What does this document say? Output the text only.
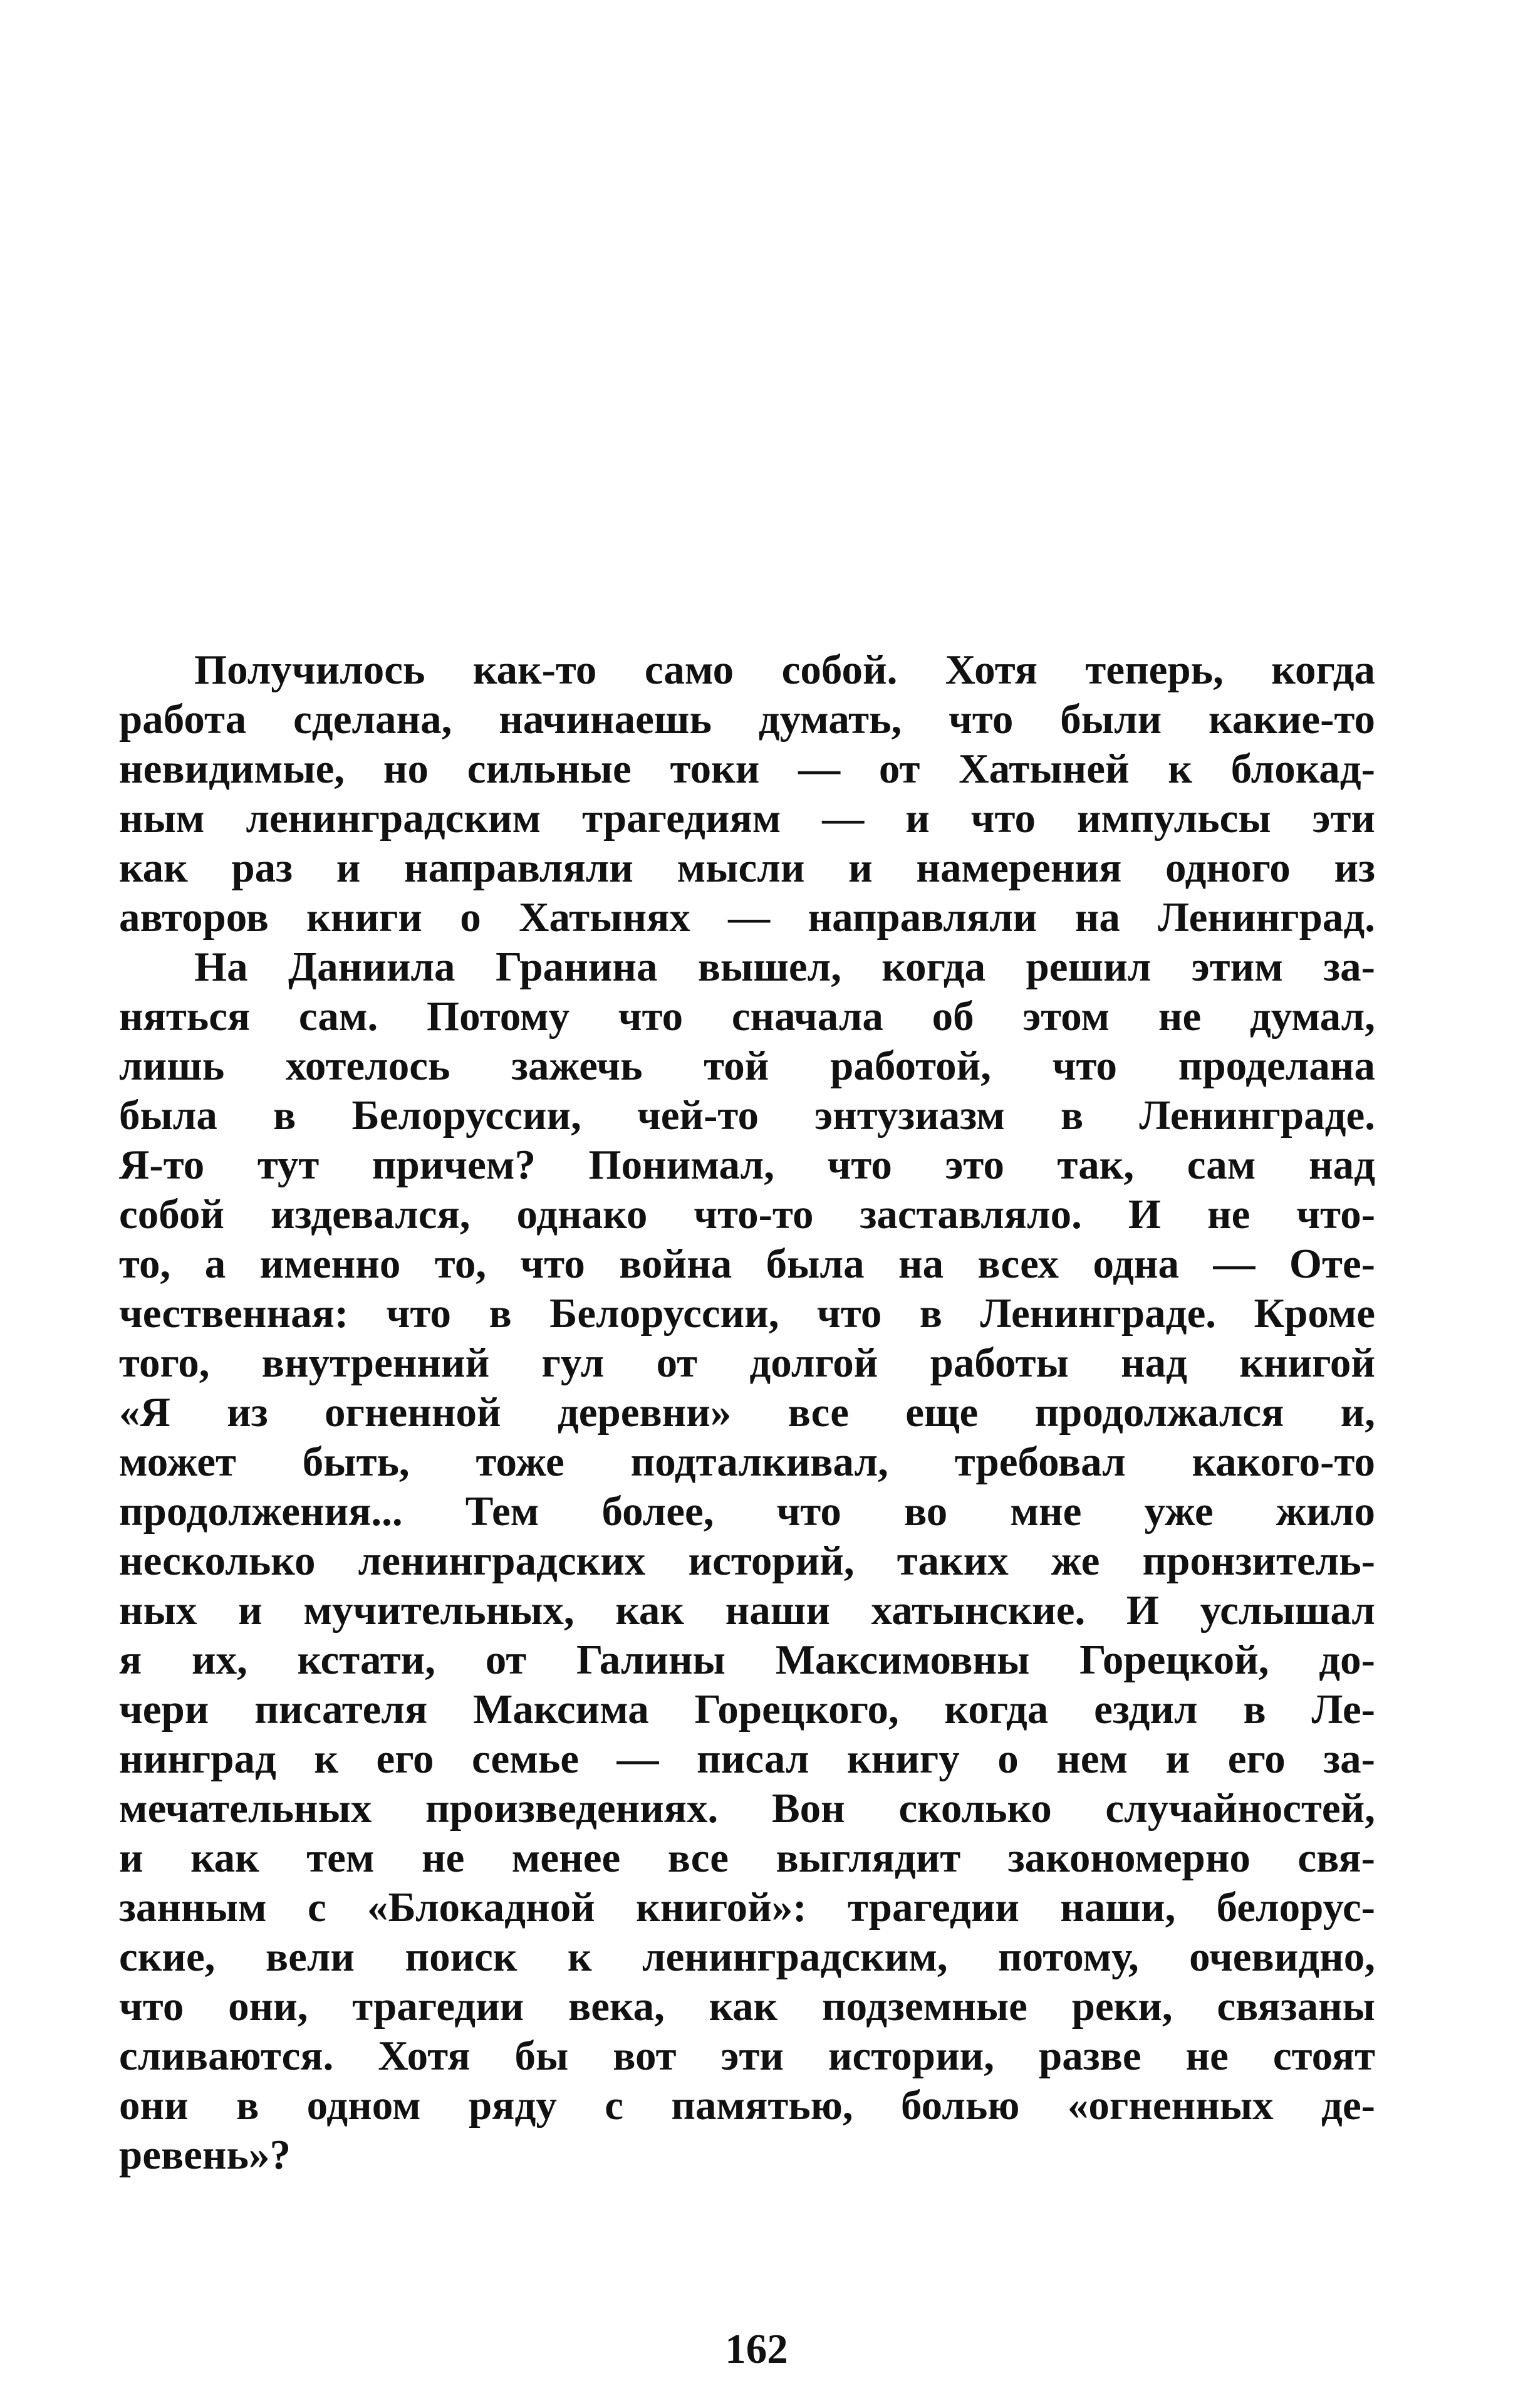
Получилось как-то само собой. Хотя теперь, когда
работа сделана, начинаешь думать, что были какие-то
невидимые, но сильные токи — от Хатыней к блокад-
ным ленинградским трагедиям — и что импульсы эти
как раз и направляли мысли и намерения одного из
авторов книги о Хатынях — направляли на Ленинград.
На Даниила Гранина вышел, когда решил этим за-
няться сам. Потому что сначала об этом не думал,
лишь хотелось зажечь той работой, что проделана
была в Белоруссии, чей-то энтузиазм в Ленинграде.
Я-то тут причем? Понимал, что это так, сам над
собой издевался, однако что-то заставляло. И не что-
то, а именно то, что война была на всех одна — Оте-
чественная: что в Белоруссии, что в Ленинграде. Кроме
того, внутренний гул от долгой работы над книгой
«Я из огненной деревни» все еще продолжался и,
может быть, тоже подталкивал, требовал какого-то
продолжения... Тем более, что во мне уже жило
несколько ленинградских историй, таких же пронзитель-
ных и мучительных, как наши хатынские. И услышал
я их, кстати, от Галины Максимовны Горецкой, до-
чери писателя Максима Горецкого, когда ездил в Ле-
нинград к его семье — писал книгу о нем и его за-
мечательных произведениях. Вон сколько случайностей,
и как тем не менее все выглядит закономерно свя-
занным с «Блокадной книгой»: трагедии наши, белорус-
ские, вели поиск к ленинградским, потому, очевидно,
что они, трагедии века, как подземные реки, связаны
сливаются. Хотя бы вот эти истории, разве не стоят
они в одном ряду с памятью, болью «огненных де-
ревень»?
162
